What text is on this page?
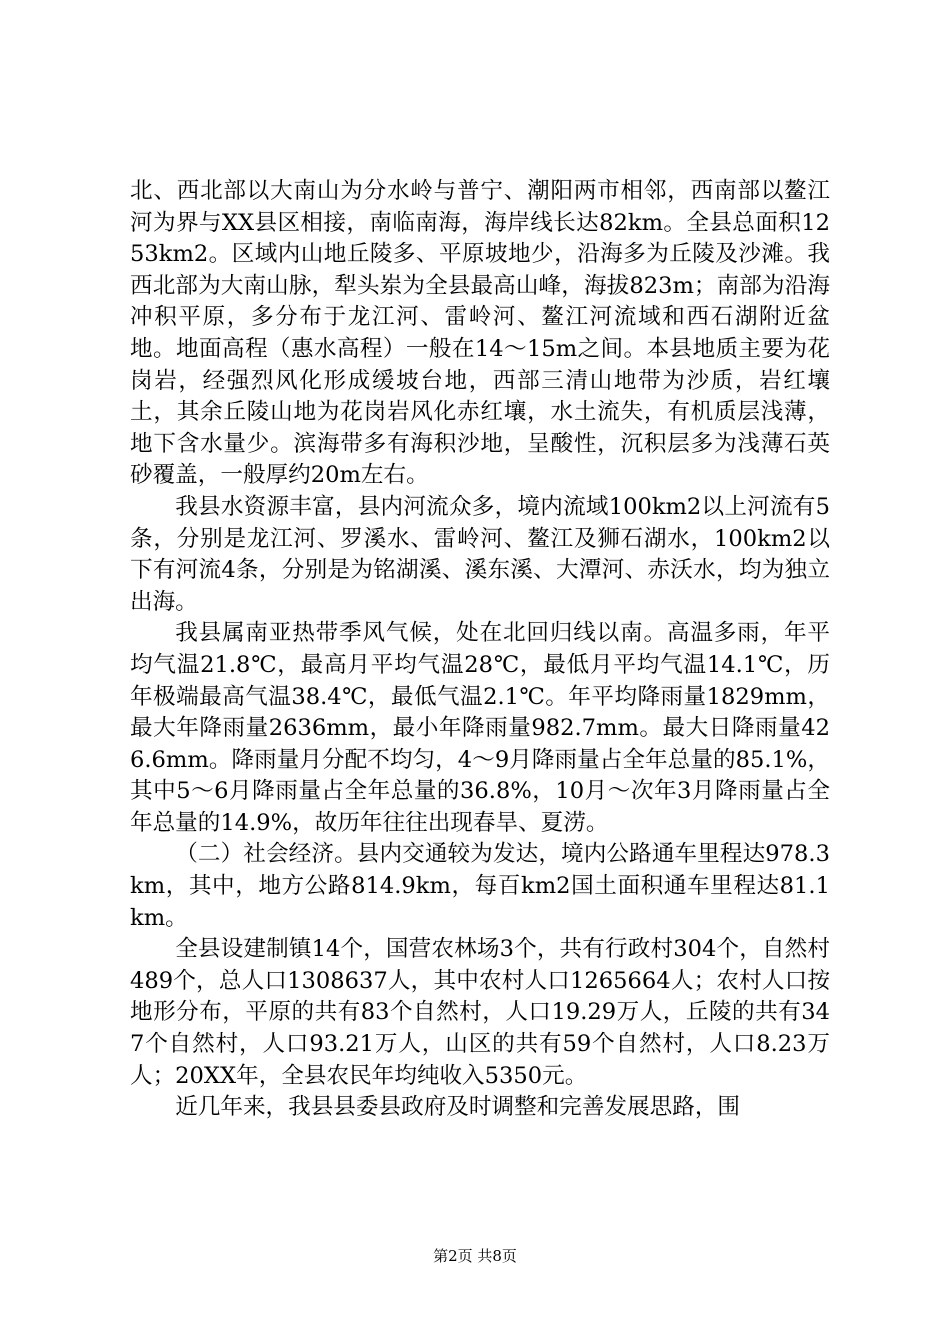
北、西北部以大南山为分水岭与普宁、潮阳两市相邻，西南部以鳌江河为界与XX县区相接，南临南海，海岸线长达82km。全县总面积1253km2。区域内山地丘陵多、平原坡地少，沿海多为丘陵及沙滩。我西北部为大南山脉，犁头岽为全县最高山峰，海拔823m；南部为沿海冲积平原，多分布于龙江河、雷岭河、鳌江河流域和西石湖附近盆地。地面高程（惠水高程）一般在14～15m之间。本县地质主要为花岗岩，经强烈风化形成缓坡台地，西部三清山地带为沙质，岩红壤土，其余丘陵山地为花岗岩风化赤红壤，水土流失，有机质层浅薄，地下含水量少。滨海带多有海积沙地，呈酸性，沉积层多为浅薄石英砂覆盖，一般厚约20m左右。

我县水资源丰富，县内河流众多，境内流域100km2以上河流有5条，分别是龙江河、罗溪水、雷岭河、鳌江及狮石湖水，100km2以下有河流4条，分别是为铭湖溪、溪东溪、大潭河、赤沃水，均为独立出海。

我县属南亚热带季风气候，处在北回归线以南。高温多雨，年平均气温21.8℃，最高月平均气温28℃，最低月平均气温14.1℃，历年极端最高气温38.4℃，最低气温2.1℃。年平均降雨量1829mm，最大年降雨量2636mm，最小年降雨量982.7mm。最大日降雨量426.6mm。降雨量月分配不均匀，4～9月降雨量占全年总量的85.1%，其中5～6月降雨量占全年总量的36.8%，10月～次年3月降雨量占全年总量的14.9%，故历年往往出现春旱、夏涝。

（二）社会经济。县内交通较为发达，境内公路通车里程达978.3km，其中，地方公路814.9km，每百km2国土面积通车里程达81.1km。

全县设建制镇14个，国营农林场3个，共有行政村304个，自然村489个，总人口1308637人，其中农村人口1265664人；农村人口按地形分布，平原的共有83个自然村，人口19.29万人，丘陵的共有347个自然村，人口93.21万人，山区的共有59个自然村，人口8.23万人；20XX年，全县农民年均纯收入5350元。

近几年来，我县县委县政府及时调整和完善发展思路，围

第2页 共8页
